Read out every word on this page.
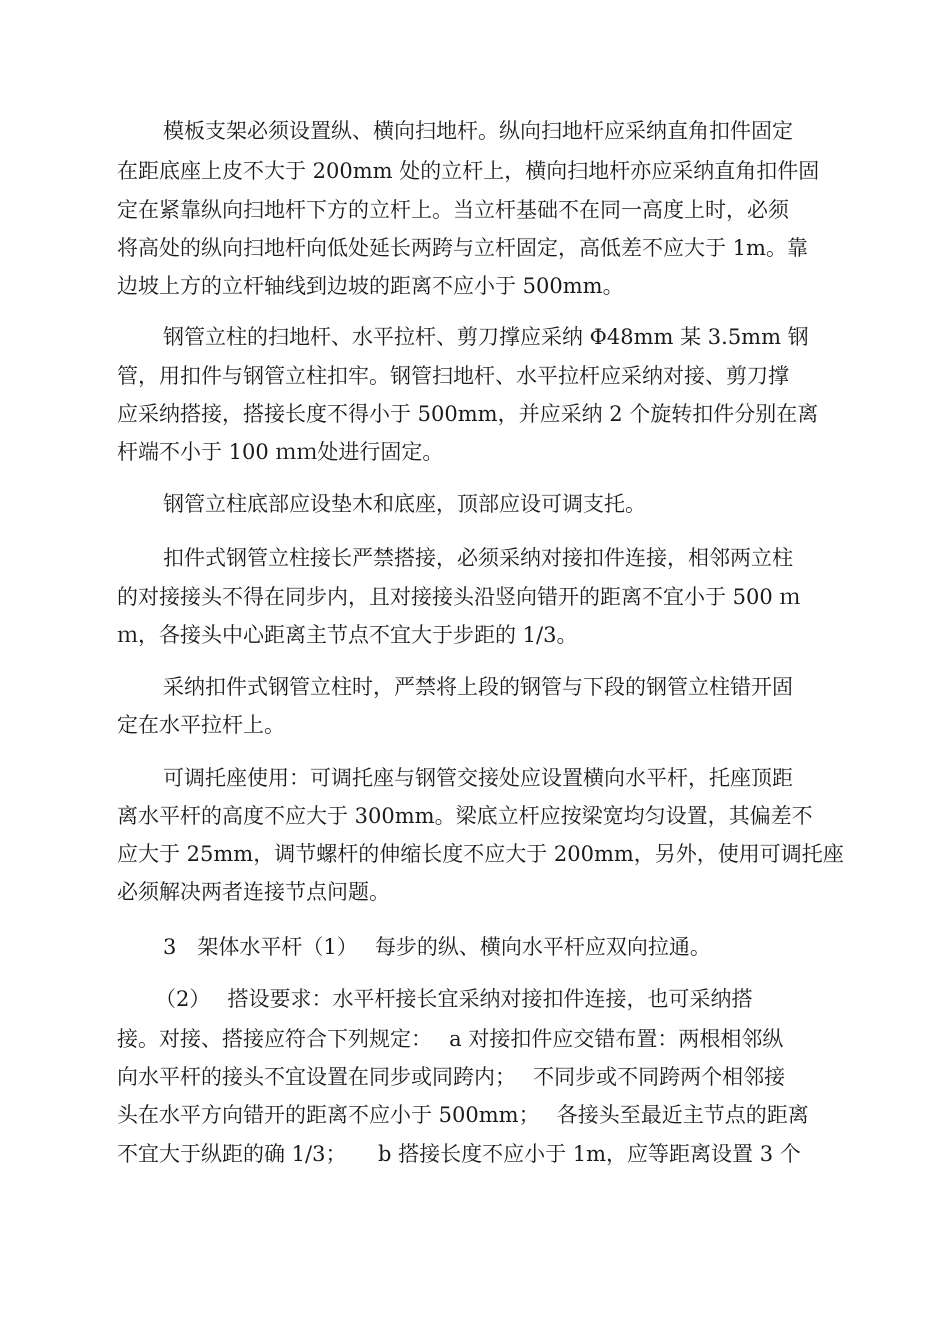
模板支架必须设置纵、横向扫地杆。纵向扫地杆应采纳直角扣件固定
在距底座上皮不大于 200mm 处的立杆上，横向扫地杆亦应采纳直角扣件固
定在紧靠纵向扫地杆下方的立杆上。当立杆基础不在同一高度上时，必须
将高处的纵向扫地杆向低处延长两跨与立杆固定，高低差不应大于 1m。靠
边坡上方的立杆轴线到边坡的距离不应小于 500mm。
钢管立柱的扫地杆、水平拉杆、剪刀撑应采纳 Φ48mm 某 3.5mm 钢
管，用扣件与钢管立柱扣牢。钢管扫地杆、水平拉杆应采纳对接、剪刀撑
应采纳搭接，搭接长度不得小于 500mm，并应采纳 2 个旋转扣件分别在离
杆端不小于 100 ｍｍ处进行固定。
钢管立柱底部应设垫木和底座，顶部应设可调支托。
扣件式钢管立柱接长严禁搭接，必须采纳对接扣件连接，相邻两立柱
的对接接头不得在同步内，且对接接头沿竖向错开的距离不宜小于 500 ｍ
ｍ，各接头中心距离主节点不宜大于步距的 1/3。
采纳扣件式钢管立柱时，严禁将上段的钢管与下段的钢管立柱错开固
定在水平拉杆上。
可调托座使用：可调托座与钢管交接处应设置横向水平杆，托座顶距
离水平杆的高度不应大于 300mm。梁底立杆应按梁宽均匀设置，其偏差不
应大于 25mm，调节螺杆的伸缩长度不应大于 200mm，另外，使用可调托座
必须解决两者连接节点问题。
3　架体水平杆（1）　 每步的纵、横向水平杆应双向拉通。
（2）　 搭设要求：水平杆接长宜采纳对接扣件连接，也可采纳搭
接。对接、搭接应符合下列规定：　 a 对接扣件应交错布置：两根相邻纵
向水平杆的接头不宜设置在同步或同跨内；　 不同步或不同跨两个相邻接
头在水平方向错开的距离不应小于 500mm；　 各接头至最近主节点的距离
不宜大于纵距的确 1/3；　　b 搭接长度不应小于 1m，应等距离设置 3 个
